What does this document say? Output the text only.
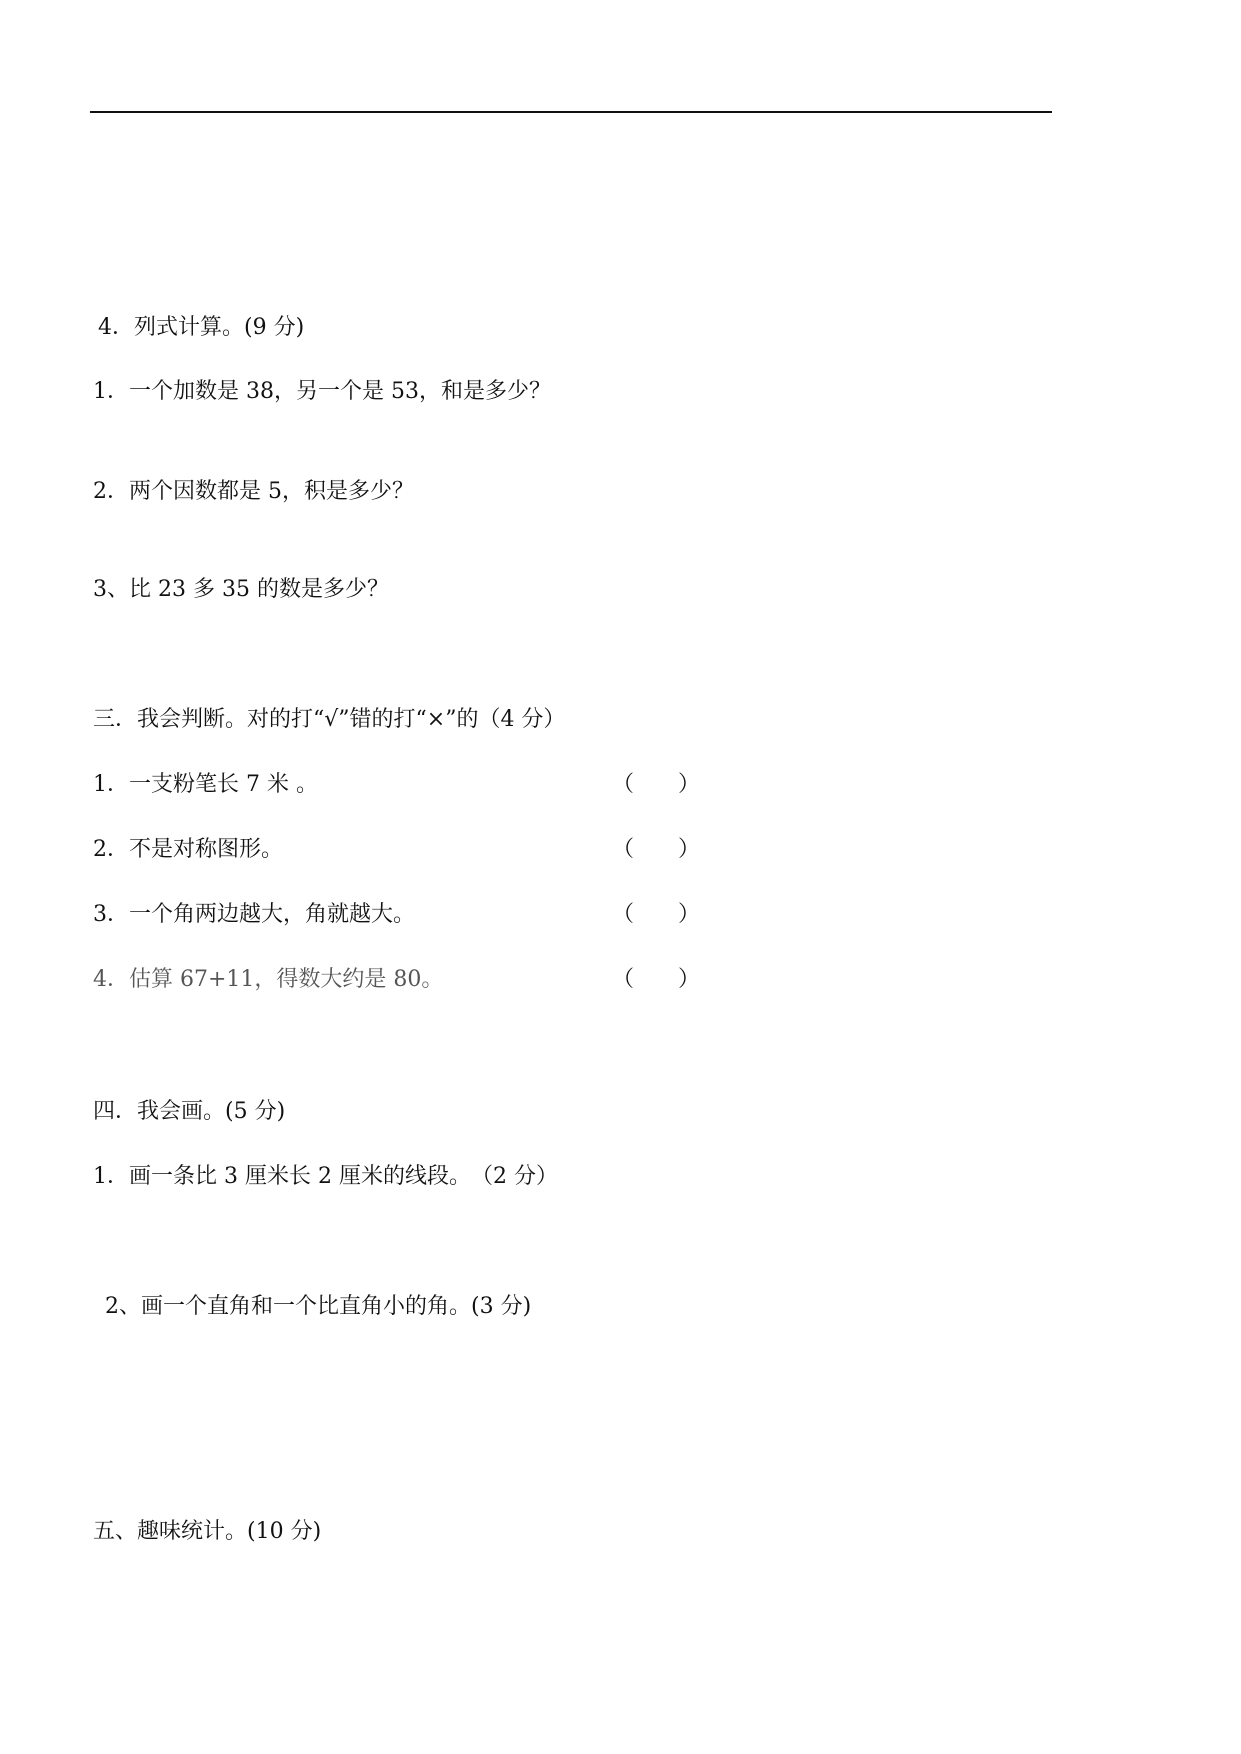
4．列式计算。(9 分)
1．一个加数是 38，另一个是 53，和是多少？
2．两个因数都是 5，积是多少？
3、比 23 多 35 的数是多少？
三．我会判断。对的打“√”错的打“×”的（4 分）
1．一支粉笔长 7 米 。	（　　）
2．不是对称图形。	（　　）
3．一个角两边越大，角就越大。	（　　）
4．估算 67+11，得数大约是 80。	（　　）
四．我会画。(5 分)
1．画一条比 3 厘米长 2 厘米的线段。　（2 分）
2、画一个直角和一个比直角小的角。(3 分)
五、趣味统计。(10 分)
